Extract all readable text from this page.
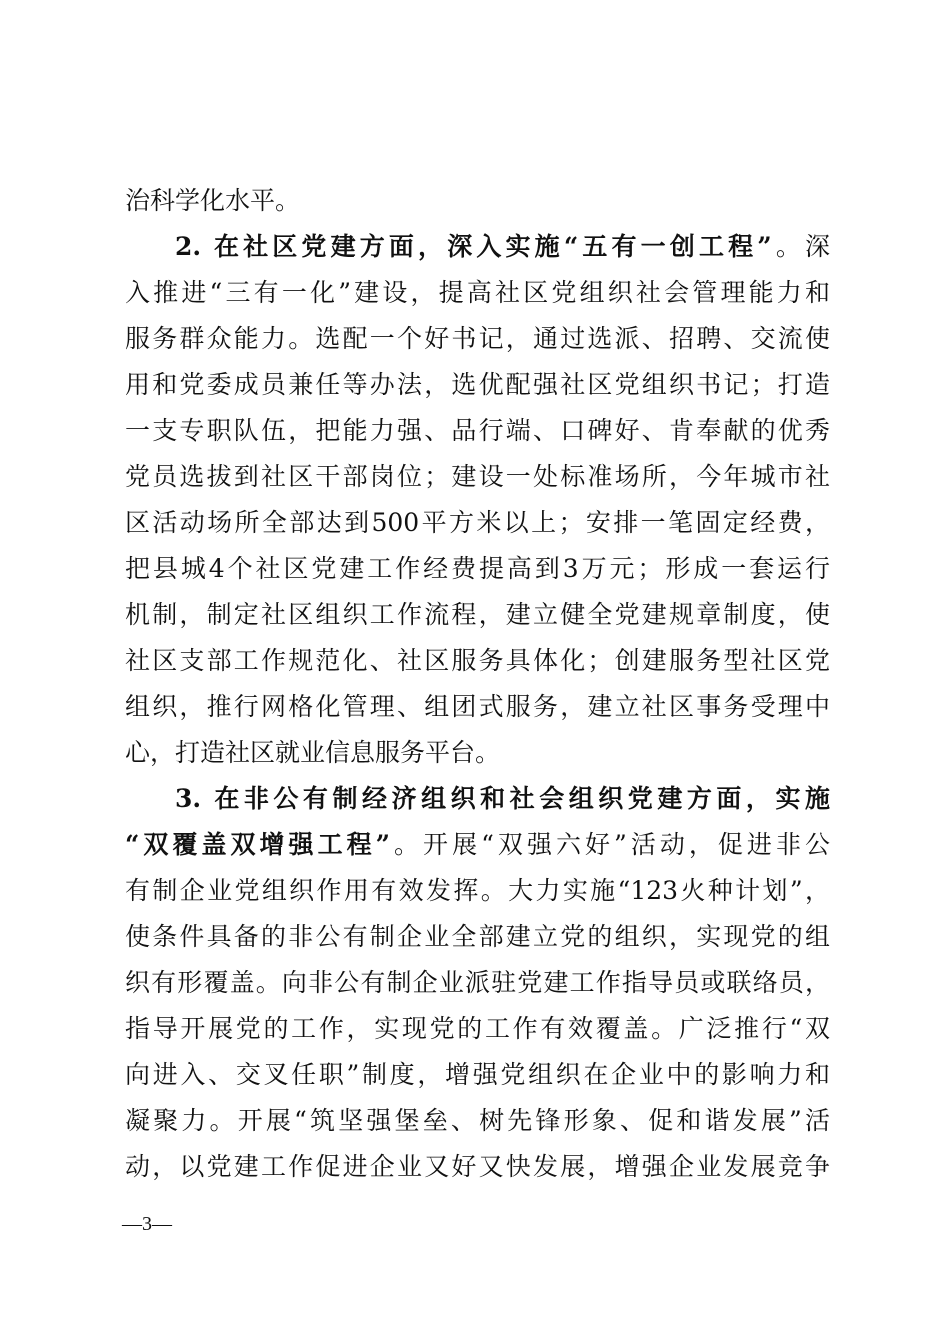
治科学化水平。
2. 在社区党建方面，深入实施“五有一创工程”。深
入推进“三有一化”建设，提高社区党组织社会管理能力和
服务群众能力。选配一个好书记，通过选派、招聘、交流使
用和党委成员兼任等办法，选优配强社区党组织书记；打造
一支专职队伍，把能力强、品行端、口碑好、肯奉献的优秀
党员选拔到社区干部岗位；建设一处标准场所，今年城市社
区活动场所全部达到500平方米以上；安排一笔固定经费，
把县城4个社区党建工作经费提高到3万元；形成一套运行
机制，制定社区组织工作流程，建立健全党建规章制度，使
社区支部工作规范化、社区服务具体化；创建服务型社区党
组织，推行网格化管理、组团式服务，建立社区事务受理中
心，打造社区就业信息服务平台。
3. 在非公有制经济组织和社会组织党建方面，实施
“双覆盖双增强工程”。开展“双强六好”活动，促进非公
有制企业党组织作用有效发挥。大力实施“123火种计划”，
使条件具备的非公有制企业全部建立党的组织，实现党的组
织有形覆盖。向非公有制企业派驻党建工作指导员或联络员，
指导开展党的工作，实现党的工作有效覆盖。广泛推行“双
向进入、交叉任职”制度，增强党组织在企业中的影响力和
凝聚力。开展“筑坚强堡垒、树先锋形象、促和谐发展”活
动，以党建工作促进企业又好又快发展，增强企业发展竞争
—3—
